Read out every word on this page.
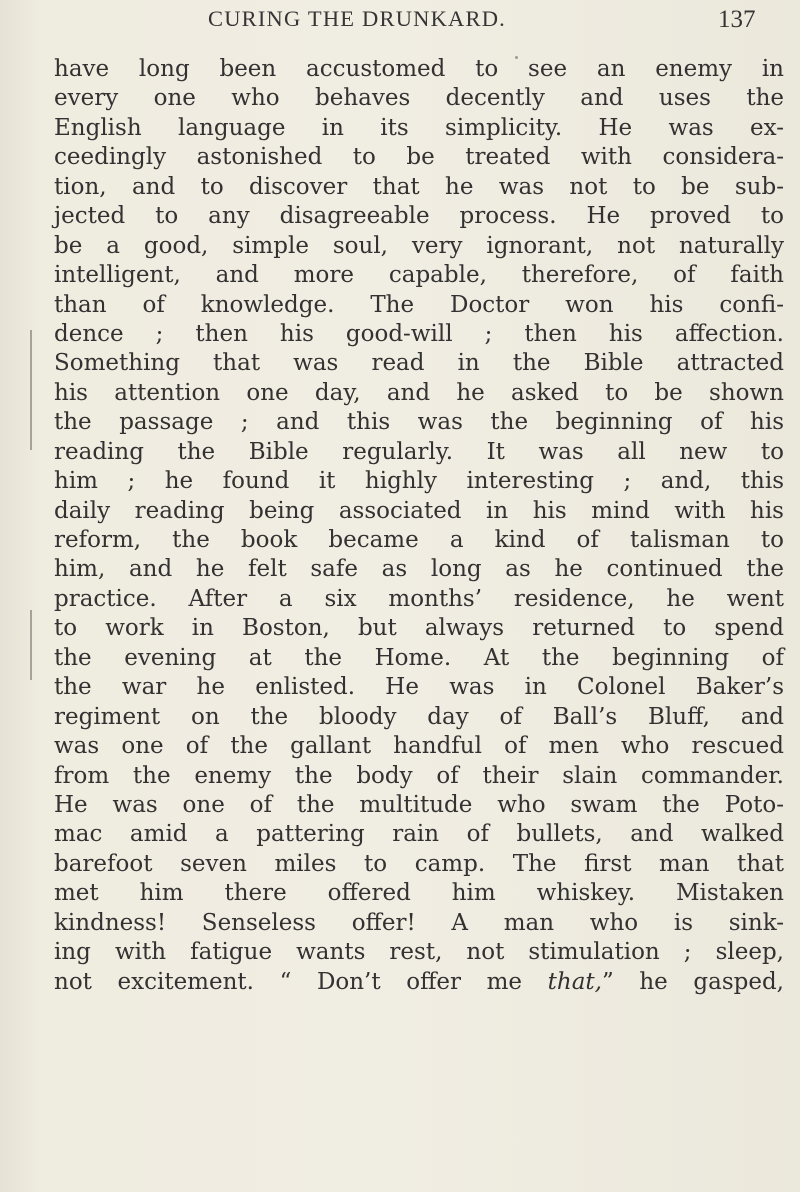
CURING THE DRUNKARD.	137
have long been accustomed to see an enemy in
every one who behaves decently and uses the
English language in its simplicity. He was ex-
ceedingly astonished to be treated with considera-
tion, and to discover that he was not to be sub-
jected to any disagreeable process. He proved to
be a good, simple soul, very ignorant, not naturally
intelligent, and more capable, therefore, of faith
than of knowledge. The Doctor won his confi-
dence ; then his good-will ; then his affection.
Something that was read in the Bible attracted
his attention one day, and he asked to be shown
the passage ; and this was the beginning of his
reading the Bible regularly. It was all new to
him ; he found it highly interesting ; and, this
daily reading being associated in his mind with his
reform, the book became a kind of talisman to
him, and he felt safe as long as he continued the
practice. After a six months’ residence, he went
to work in Boston, but always returned to spend
the evening at the Home. At the beginning of
the war he enlisted. He was in Colonel Baker’s
regiment on the bloody day of Ball’s Bluff, and
was one of the gallant handful of men who rescued
from the enemy the body of their slain commander.
He was one of the multitude who swam the Poto-
mac amid a pattering rain of bullets, and walked
barefoot seven miles to camp. The first man that
met him there offered him whiskey. Mistaken
kindness! Senseless offer! A man who is sink-
ing with fatigue wants rest, not stimulation ; sleep,
not excitement. “ Don’t offer me that,” he gasped,
